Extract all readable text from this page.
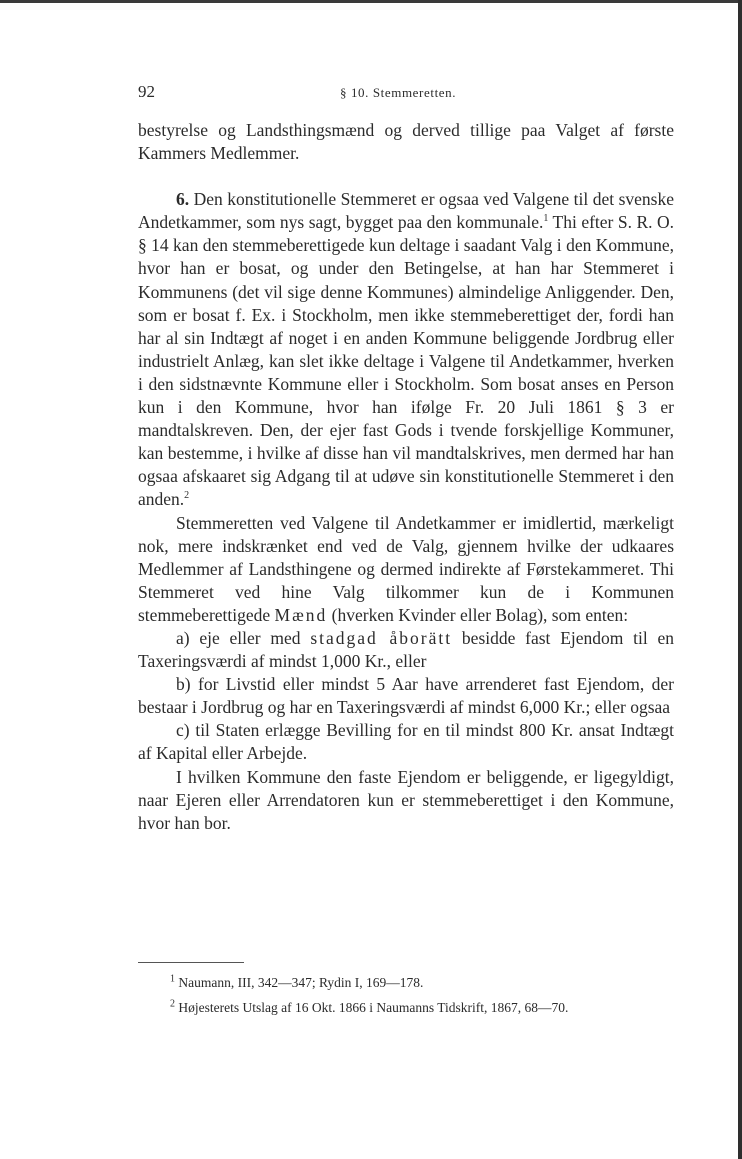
92	§ 10. Stemmeretten.

bestyrelse og Landsthingsmænd og derved tillige paa Valget af første Kammers Medlemmer.

6. Den konstitutionelle Stemmeret er ogsaa ved Valgene til det svenske Andetkammer, som nys sagt, bygget paa den kommunale.$^1$ Thi efter S. R. O. § 14 kan den stemmeberettigede kun deltage i saadant Valg i den Kommune, hvor han er bosat, og under den Betingelse, at han har Stemmeret i Kommunens (det vil sige denne Kommunes) almindelige Anliggender. Den, som er bosat f. Ex. i Stockholm, men ikke stemmeberettiget der, fordi han har al sin Indtægt af noget i en anden Kommune beliggende Jordbrug eller industrielt Anlæg, kan slet ikke deltage i Valgene til Andetkammer, hverken i den sidstnævnte Kommune eller i Stockholm. Som bosat anses en Person kun i den Kommune, hvor han ifølge Fr. 20 Juli 1861 § 3 er mandtalskreven. Den, der ejer fast Gods i tvende forskjellige Kommuner, kan bestemme, i hvilke af disse han vil mandtalskrives, men dermed har han ogsaa afskaaret sig Adgang til at udøve sin konstitutionelle Stemmeret i den anden.$^2$

Stemmeretten ved Valgene til Andetkammer er imidlertid, mærkeligt nok, mere indskrænket end ved de Valg, gjennem hvilke der udkaares Medlemmer af Landsthingene og dermed indirekte af Førstekammeret. Thi Stemmeret ved hine Valg tilkommer kun de i Kommunen stemmeberettigede Mænd (hverken Kvinder eller Bolag), som enten:

a) eje eller med stadgad åborätt besidde fast Ejendom til en Taxeringsværdi af mindst 1,000 Kr., eller

b) for Livstid eller mindst 5 Aar have arrenderet fast Ejendom, der bestaar i Jordbrug og har en Taxeringsværdi af mindst 6,000 Kr.; eller ogsaa

c) til Staten erlægge Bevilling for en til mindst 800 Kr. ansat Indtægt af Kapital eller Arbejde.

I hvilken Kommune den faste Ejendom er beliggende, er ligegyldigt, naar Ejeren eller Arrendatoren kun er stemmeberettiget i den Kommune, hvor han bor.

$^1$ Naumann, III, 342—347; Rydin I, 169—178.
$^2$ Højesterets Utslag af 16 Okt. 1866 i Naumanns Tidskrift, 1867, 68—70.
